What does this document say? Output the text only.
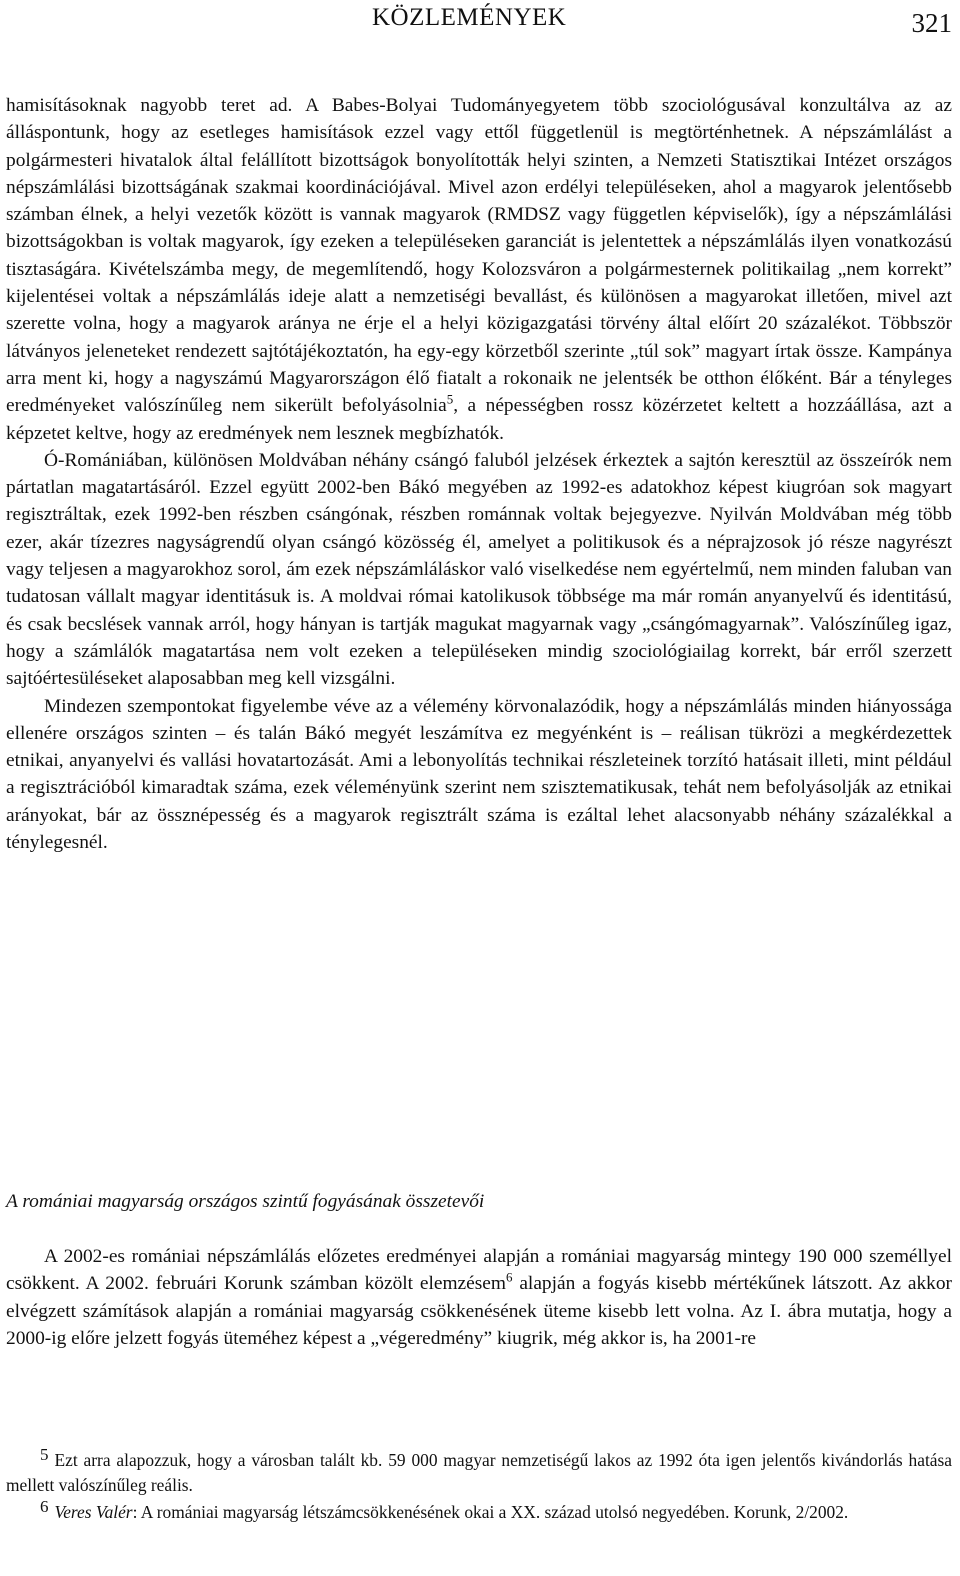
KÖZLEMÉNYEK	321

hamisításoknak nagyobb teret ad. A Babes-Bolyai Tudományegyetem több szociológusával konzultálva az az álláspontunk, hogy az esetleges hamisítások ezzel vagy ettől függetlenül is megtörténhetnek. A népszámlálást a polgármesteri hivatalok által felállított bizottságok bonyolították helyi szinten, a Nemzeti Statisztikai Intézet országos népszámlálási bizottságának szakmai koordinációjával. Mivel azon erdélyi településeken, ahol a magyarok jelentősebb számban élnek, a helyi vezetők között is vannak magyarok (RMDSZ vagy független képviselők), így a népszámlálási bizottságokban is voltak magyarok, így ezeken a településeken garanciát is jelentettek a népszámlálás ilyen vonatkozású tisztaságára. Kivételszámba megy, de megemlítendő, hogy Kolozsváron a polgármesternek politikailag „nem korrekt” kijelentései voltak a népszámlálás ideje alatt a nemzetiségi bevallást, és különösen a magyarokat illetően, mivel azt szerette volna, hogy a magyarok aránya ne érje el a helyi közigazgatási törvény által előírt 20 százalékot. Többször látványos jeleneteket rendezett sajtótájékoztatón, ha egy-egy körzetből szerinte „túl sok” magyart írtak össze. Kampánya arra ment ki, hogy a nagyszámú Magyarországon élő fiatalt a rokonaik ne jelentsék be otthon élőként. Bár a tényleges eredményeket valószínűleg nem sikerült befolyásolnia$^5$, a népességben rossz közérzetet keltett a hozzáállása, azt a képzetet keltve, hogy az eredmények nem lesznek megbízhatók.

Ó-Romániában, különösen Moldvában néhány csángó faluból jelzések érkeztek a sajtón keresztül az összeírók nem pártatlan magatartásáról. Ezzel együtt 2002-ben Bákó megyében az 1992-es adatokhoz képest kiugróan sok magyart regisztráltak, ezek 1992-ben részben csángónak, részben románnak voltak bejegyezve. Nyilván Moldvában még több ezer, akár tízezres nagyságrendű olyan csángó közösség él, amelyet a politikusok és a néprajzosok jó része nagyrészt vagy teljesen a magyarokhoz sorol, ám ezek népszámláláskor való viselkedése nem egyértelmű, nem minden faluban van tudatosan vállalt magyar identitásuk is. A moldvai római katolikusok többsége ma már román anyanyelvű és identitású, és csak becslések vannak arról, hogy hányan is tartják magukat magyarnak vagy „csángómagyarnak”. Valószínűleg igaz, hogy a számlálók magatartása nem volt ezeken a településeken mindig szociológiailag korrekt, bár erről szerzett sajtóértesüléseket alaposabban meg kell vizsgálni.

Mindezen szempontokat figyelembe véve az a vélemény körvonalazódik, hogy a népszámlálás minden hiányossága ellenére országos szinten – és talán Bákó megyét leszámítva ez megyénként is – reálisan tükrözi a megkérdezettek etnikai, anyanyelvi és vallási hovatartozását. Ami a lebonyolítás technikai részleteinek torzító hatásait illeti, mint például a regisztrációból kimaradtak száma, ezek véleményünk szerint nem szisztematikusak, tehát nem befolyásolják az etnikai arányokat, bár az össznépesség és a magyarok regisztrált száma is ezáltal lehet alacsonyabb néhány százalékkal a ténylegesnél.

A romániai magyarság országos szintű fogyásának összetevői

A 2002-es romániai népszámlálás előzetes eredményei alapján a romániai magyarság mintegy 190 000 személlyel csökkent. A 2002. februári Korunk számban közölt elemzésem$^6$ alapján a fogyás kisebb mértékűnek látszott. Az akkor elvégzett számítások alapján a romániai magyarság csökkenésének üteme kisebb lett volna. Az I. ábra mutatja, hogy a 2000-ig előre jelzett fogyás üteméhez képest a „végeredmény” kiugrik, még akkor is, ha 2001-re

5 Ezt arra alapozzuk, hogy a városban talált kb. 59 000 magyar nemzetiségű lakos az 1992 óta igen jelentős kivándorlás hatása mellett valószínűleg reális.

6 Veres Valér: A romániai magyarság létszámcsökkenésének okai a XX. század utolsó negyedében. Korunk, 2/2002.
